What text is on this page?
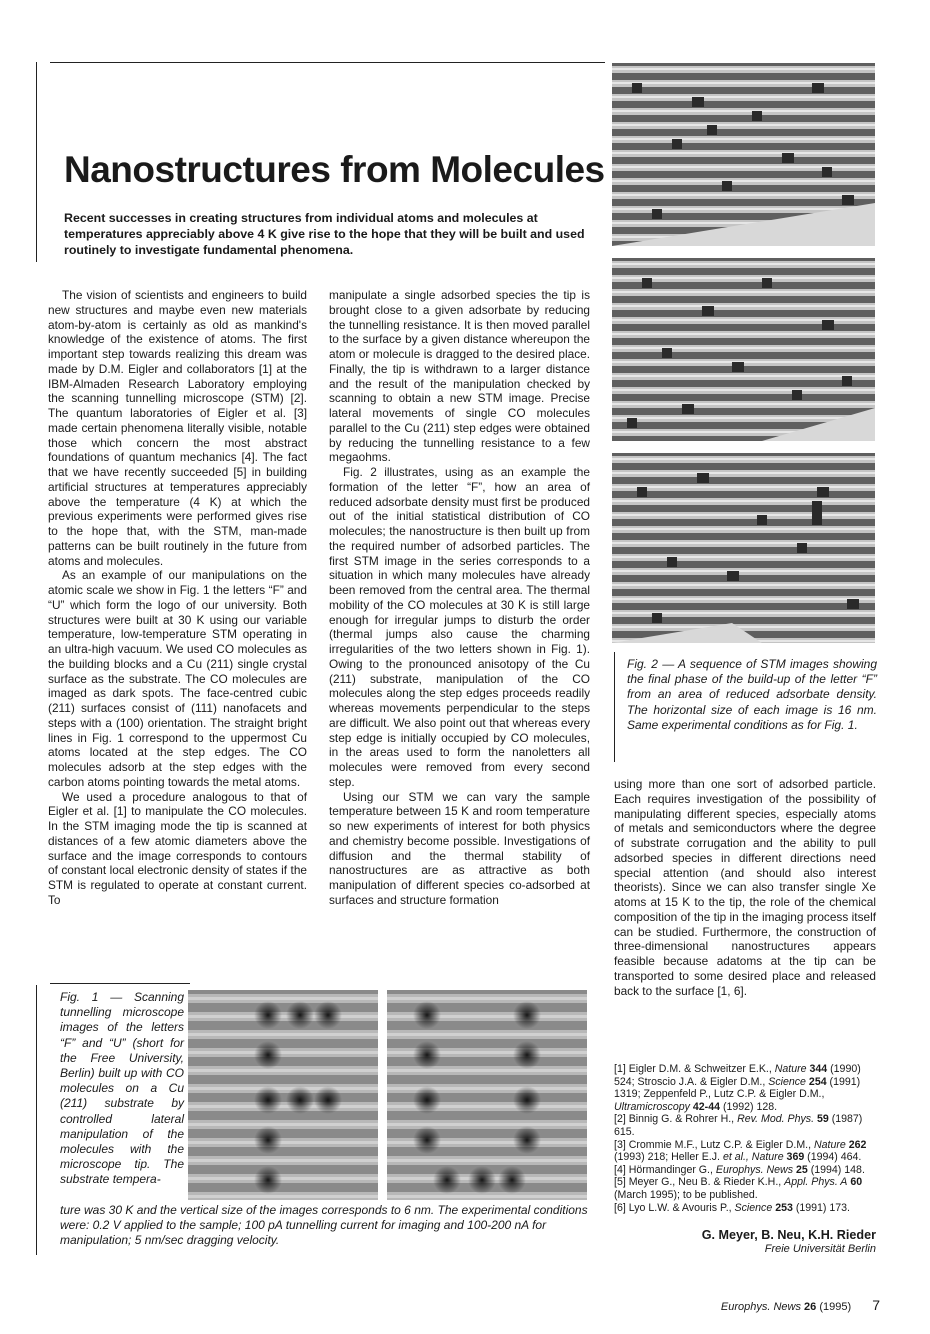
Nanostructures from Molecules
Recent successes in creating structures from individual atoms and molecules at temperatures appreciably above 4 K give rise to the hope that they will be built and used routinely to investigate fundamental phenomena.

The vision of scientists and engineers to build new structures and maybe even new materials atom-by-atom is certainly as old as mankind's knowledge of the existence of atoms. The first important step towards realizing this dream was made by D.M. Eigler and collaborators [1] at the IBM-Almaden Research Laboratory employing the scanning tunnelling microscope (STM) [2]. The quantum laboratories of Eigler et al. [3] made certain phenomena literally visible, notable those which concern the most abstract foundations of quantum mechanics [4]. The fact that we have recently succeeded [5] in building artificial structures at temperatures appreciably above the temperature (4 K) at which the previous experiments were performed gives rise to the hope that, with the STM, man-made patterns can be built routinely in the future from atoms and molecules.

As an example of our manipulations on the atomic scale we show in Fig. 1 the letters “F” and “U” which form the logo of our university. Both structures were built at 30 K using our variable temperature, low-temperature STM operating in an ultra-high vacuum. We used CO molecules as the building blocks and a Cu (211) single crystal surface as the substrate. The CO molecules are imaged as dark spots. The face-centred cubic (211) surfaces consist of (111) nanofacets and steps with a (100) orientation. The straight bright lines in Fig. 1 correspond to the uppermost Cu atoms located at the step edges. The CO molecules adsorb at the step edges with the carbon atoms pointing towards the metal atoms.

We used a procedure analogous to that of Eigler et al. [1] to manipulate the CO molecules. In the STM imaging mode the tip is scanned at distances of a few atomic diameters above the surface and the image corresponds to contours of constant local electronic density of states if the STM is regulated to operate at constant current. To

manipulate a single adsorbed species the tip is brought close to a given adsorbate by reducing the tunnelling resistance. It is then moved parallel to the surface by a given distance whereupon the atom or molecule is dragged to the desired place. Finally, the tip is withdrawn to a larger distance and the result of the manipulation checked by scanning to obtain a new STM image. Precise lateral movements of single CO molecules parallel to the Cu (211) step edges were obtained by reducing the tunnelling resistance to a few megaohms.

Fig. 2 illustrates, using as an example the formation of the letter “F”, how an area of reduced adsorbate density must first be produced out of the initial statistical distribution of CO molecules; the nanostructure is then built up from the required number of adsorbed particles. The first STM image in the series corresponds to a situation in which many molecules have already been removed from the central area. The thermal mobility of the CO molecules at 30 K is still large enough for irregular jumps to disturb the order (thermal jumps also cause the charming irregularities of the two letters shown in Fig. 1). Owing to the pronounced anisotopy of the Cu (211) substrate, manipulation of the CO molecules along the step edges proceeds readily whereas movements perpendicular to the steps are difficult. We also point out that whereas every step edge is initially occupied by CO molecules, in the areas used to form the nanoletters all molecules were removed from every second step.

Using our STM we can vary the sample temperature between 15 K and room temperature so new experiments of interest for both physics and chemistry become possible. Investigations of diffusion and the thermal stability of nanostructures are as attractive as both manipulation of different species co-adsorbed at surfaces and structure formation

using more than one sort of adsorbed particle. Each requires investigation of the possibility of manipulating different species, especially atoms of metals and semiconductors where the degree of substrate corrugation and the ability to pull adsorbed species in different directions need special attention (and should also interest theorists). Since we can also transfer single Xe atoms at 15 K to the tip, the role of the chemical composition of the tip in the imaging process itself can be studied. Furthermore, the construction of three-dimensional nanostructures appears feasible because adatoms at the tip can be transported to some desired place and released back to the surface [1, 6].

Fig. 2 — A sequence of STM images showing the final phase of the build-up of the letter “F” from an area of reduced adsorbate density. The horizontal size of each image is 16 nm. Same experimental conditions as for Fig. 1.
Fig. 1 — Scanning tunnelling microscope images of the letters “F” and “U” (short for the Free University, Berlin) built up with CO molecules on a Cu (211) substrate by controlled lateral manipulation of the molecules with the microscope tip. The substrate tempera-
ture was 30 K and the vertical size of the images corresponds to 6 nm. The experimental conditions were: 0.2 V applied to the sample; 100 pA tunnelling current for imaging and 100-200 nA for manipulation; 5 nm/sec dragging velocity.

[1] Eigler D.M. & Schweitzer E.K., Nature 344 (1990) 524; Stroscio J.A. & Eigler D.M., Science 254 (1991) 1319; Zeppenfeld P., Lutz C.P. & Eigler D.M., Ultramicroscopy 42-44 (1992) 128.

[2] Binnig G. & Rohrer H., Rev. Mod. Phys. 59 (1987) 615.

[3] Crommie M.F., Lutz C.P. & Eigler D.M., Nature 262 (1993) 218; Heller E.J. et al., Nature 369 (1994) 464.

[4] Hörmandinger G., Europhys. News 25 (1994) 148.

[5] Meyer G., Neu B. & Rieder K.H., Appl. Phys. A 60 (March 1995); to be published.

[6] Lyo L.W. & Avouris P., Science 253 (1991) 173.

G. Meyer, B. Neu, K.H. Rieder
Freie Universität Berlin
Europhys. News 26 (1995) 7
